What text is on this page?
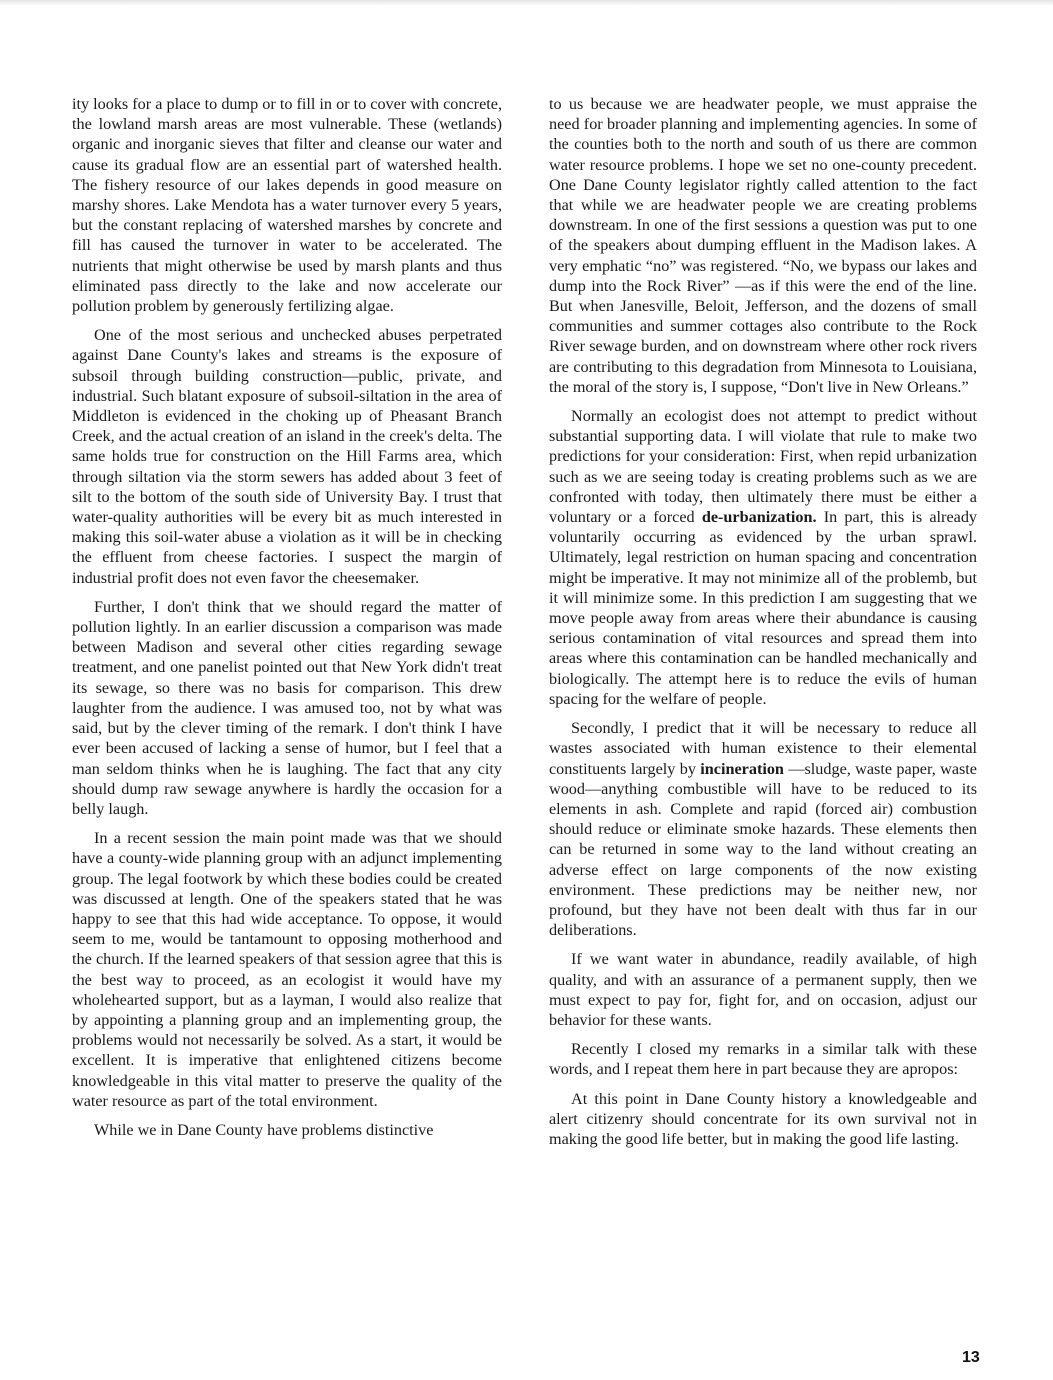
ity looks for a place to dump or to fill in or to cover with concrete, the lowland marsh areas are most vulnerable. These (wetlands) organic and inorganic sieves that filter and cleanse our water and cause its gradual flow are an essential part of watershed health. The fishery resource of our lakes depends in good measure on marshy shores. Lake Mendota has a water turnover every 5 years, but the constant replacing of watershed marshes by concrete and fill has caused the turnover in water to be accelerated. The nutrients that might otherwise be used by marsh plants and thus eliminated pass directly to the lake and now accelerate our pollution problem by generously fertilizing algae.

One of the most serious and unchecked abuses perpetrated against Dane County's lakes and streams is the exposure of subsoil through building construction—public, private, and industrial. Such blatant exposure of subsoil-siltation in the area of Middleton is evidenced in the choking up of Pheasant Branch Creek, and the actual creation of an island in the creek's delta. The same holds true for construction on the Hill Farms area, which through siltation via the storm sewers has added about 3 feet of silt to the bottom of the south side of University Bay. I trust that water-quality authorities will be every bit as much interested in making this soil-water abuse a violation as it will be in checking the effluent from cheese factories. I suspect the margin of industrial profit does not even favor the cheesemaker.

Further, I don't think that we should regard the matter of pollution lightly. In an earlier discussion a comparison was made between Madison and several other cities regarding sewage treatment, and one panelist pointed out that New York didn't treat its sewage, so there was no basis for comparison. This drew laughter from the audience. I was amused too, not by what was said, but by the clever timing of the remark. I don't think I have ever been accused of lacking a sense of humor, but I feel that a man seldom thinks when he is laughing. The fact that any city should dump raw sewage anywhere is hardly the occasion for a belly laugh.

In a recent session the main point made was that we should have a county-wide planning group with an adjunct implementing group. The legal footwork by which these bodies could be created was discussed at length. One of the speakers stated that he was happy to see that this had wide acceptance. To oppose, it would seem to me, would be tantamount to opposing motherhood and the church. If the learned speakers of that session agree that this is the best way to proceed, as an ecologist it would have my wholehearted support, but as a layman, I would also realize that by appointing a planning group and an implementing group, the problems would not necessarily be solved. As a start, it would be excellent. It is imperative that enlightened citizens become knowledgeable in this vital matter to preserve the quality of the water resource as part of the total environment.

While we in Dane County have problems distinctive

to us because we are headwater people, we must appraise the need for broader planning and implementing agencies. In some of the counties both to the north and south of us there are common water resource problems. I hope we set no one-county precedent. One Dane County legislator rightly called attention to the fact that while we are headwater people we are creating problems downstream. In one of the first sessions a question was put to one of the speakers about dumping effluent in the Madison lakes. A very emphatic “no” was registered. “No, we bypass our lakes and dump into the Rock River” —as if this were the end of the line. But when Janesville, Beloit, Jefferson, and the dozens of small communities and summer cottages also contribute to the Rock River sewage burden, and on downstream where other rock rivers are contributing to this degradation from Minnesota to Louisiana, the moral of the story is, I suppose, “Don't live in New Orleans.”

Normally an ecologist does not attempt to predict without substantial supporting data. I will violate that rule to make two predictions for your consideration: First, when repid urbanization such as we are seeing today is creating problems such as we are confronted with today, then ultimately there must be either a voluntary or a forced de-urbanization. In part, this is already voluntarily occurring as evidenced by the urban sprawl. Ultimately, legal restriction on human spacing and concentration might be imperative. It may not minimize all of the problemb, but it will minimize some. In this prediction I am suggesting that we move people away from areas where their abundance is causing serious contamination of vital resources and spread them into areas where this contamination can be handled mechanically and biologically. The attempt here is to reduce the evils of human spacing for the welfare of people.

Secondly, I predict that it will be necessary to reduce all wastes associated with human existence to their elemental constituents largely by incineration —sludge, waste paper, waste wood—anything combustible will have to be reduced to its elements in ash. Complete and rapid (forced air) combustion should reduce or eliminate smoke hazards. These elements then can be returned in some way to the land without creating an adverse effect on large components of the now existing environment. These predictions may be neither new, nor profound, but they have not been dealt with thus far in our deliberations.

If we want water in abundance, readily available, of high quality, and with an assurance of a permanent supply, then we must expect to pay for, fight for, and on occasion, adjust our behavior for these wants.

Recently I closed my remarks in a similar talk with these words, and I repeat them here in part because they are apropos:

At this point in Dane County history a knowledgeable and alert citizenry should concentrate for its own survival not in making the good life better, but in making the good life lasting.

13
